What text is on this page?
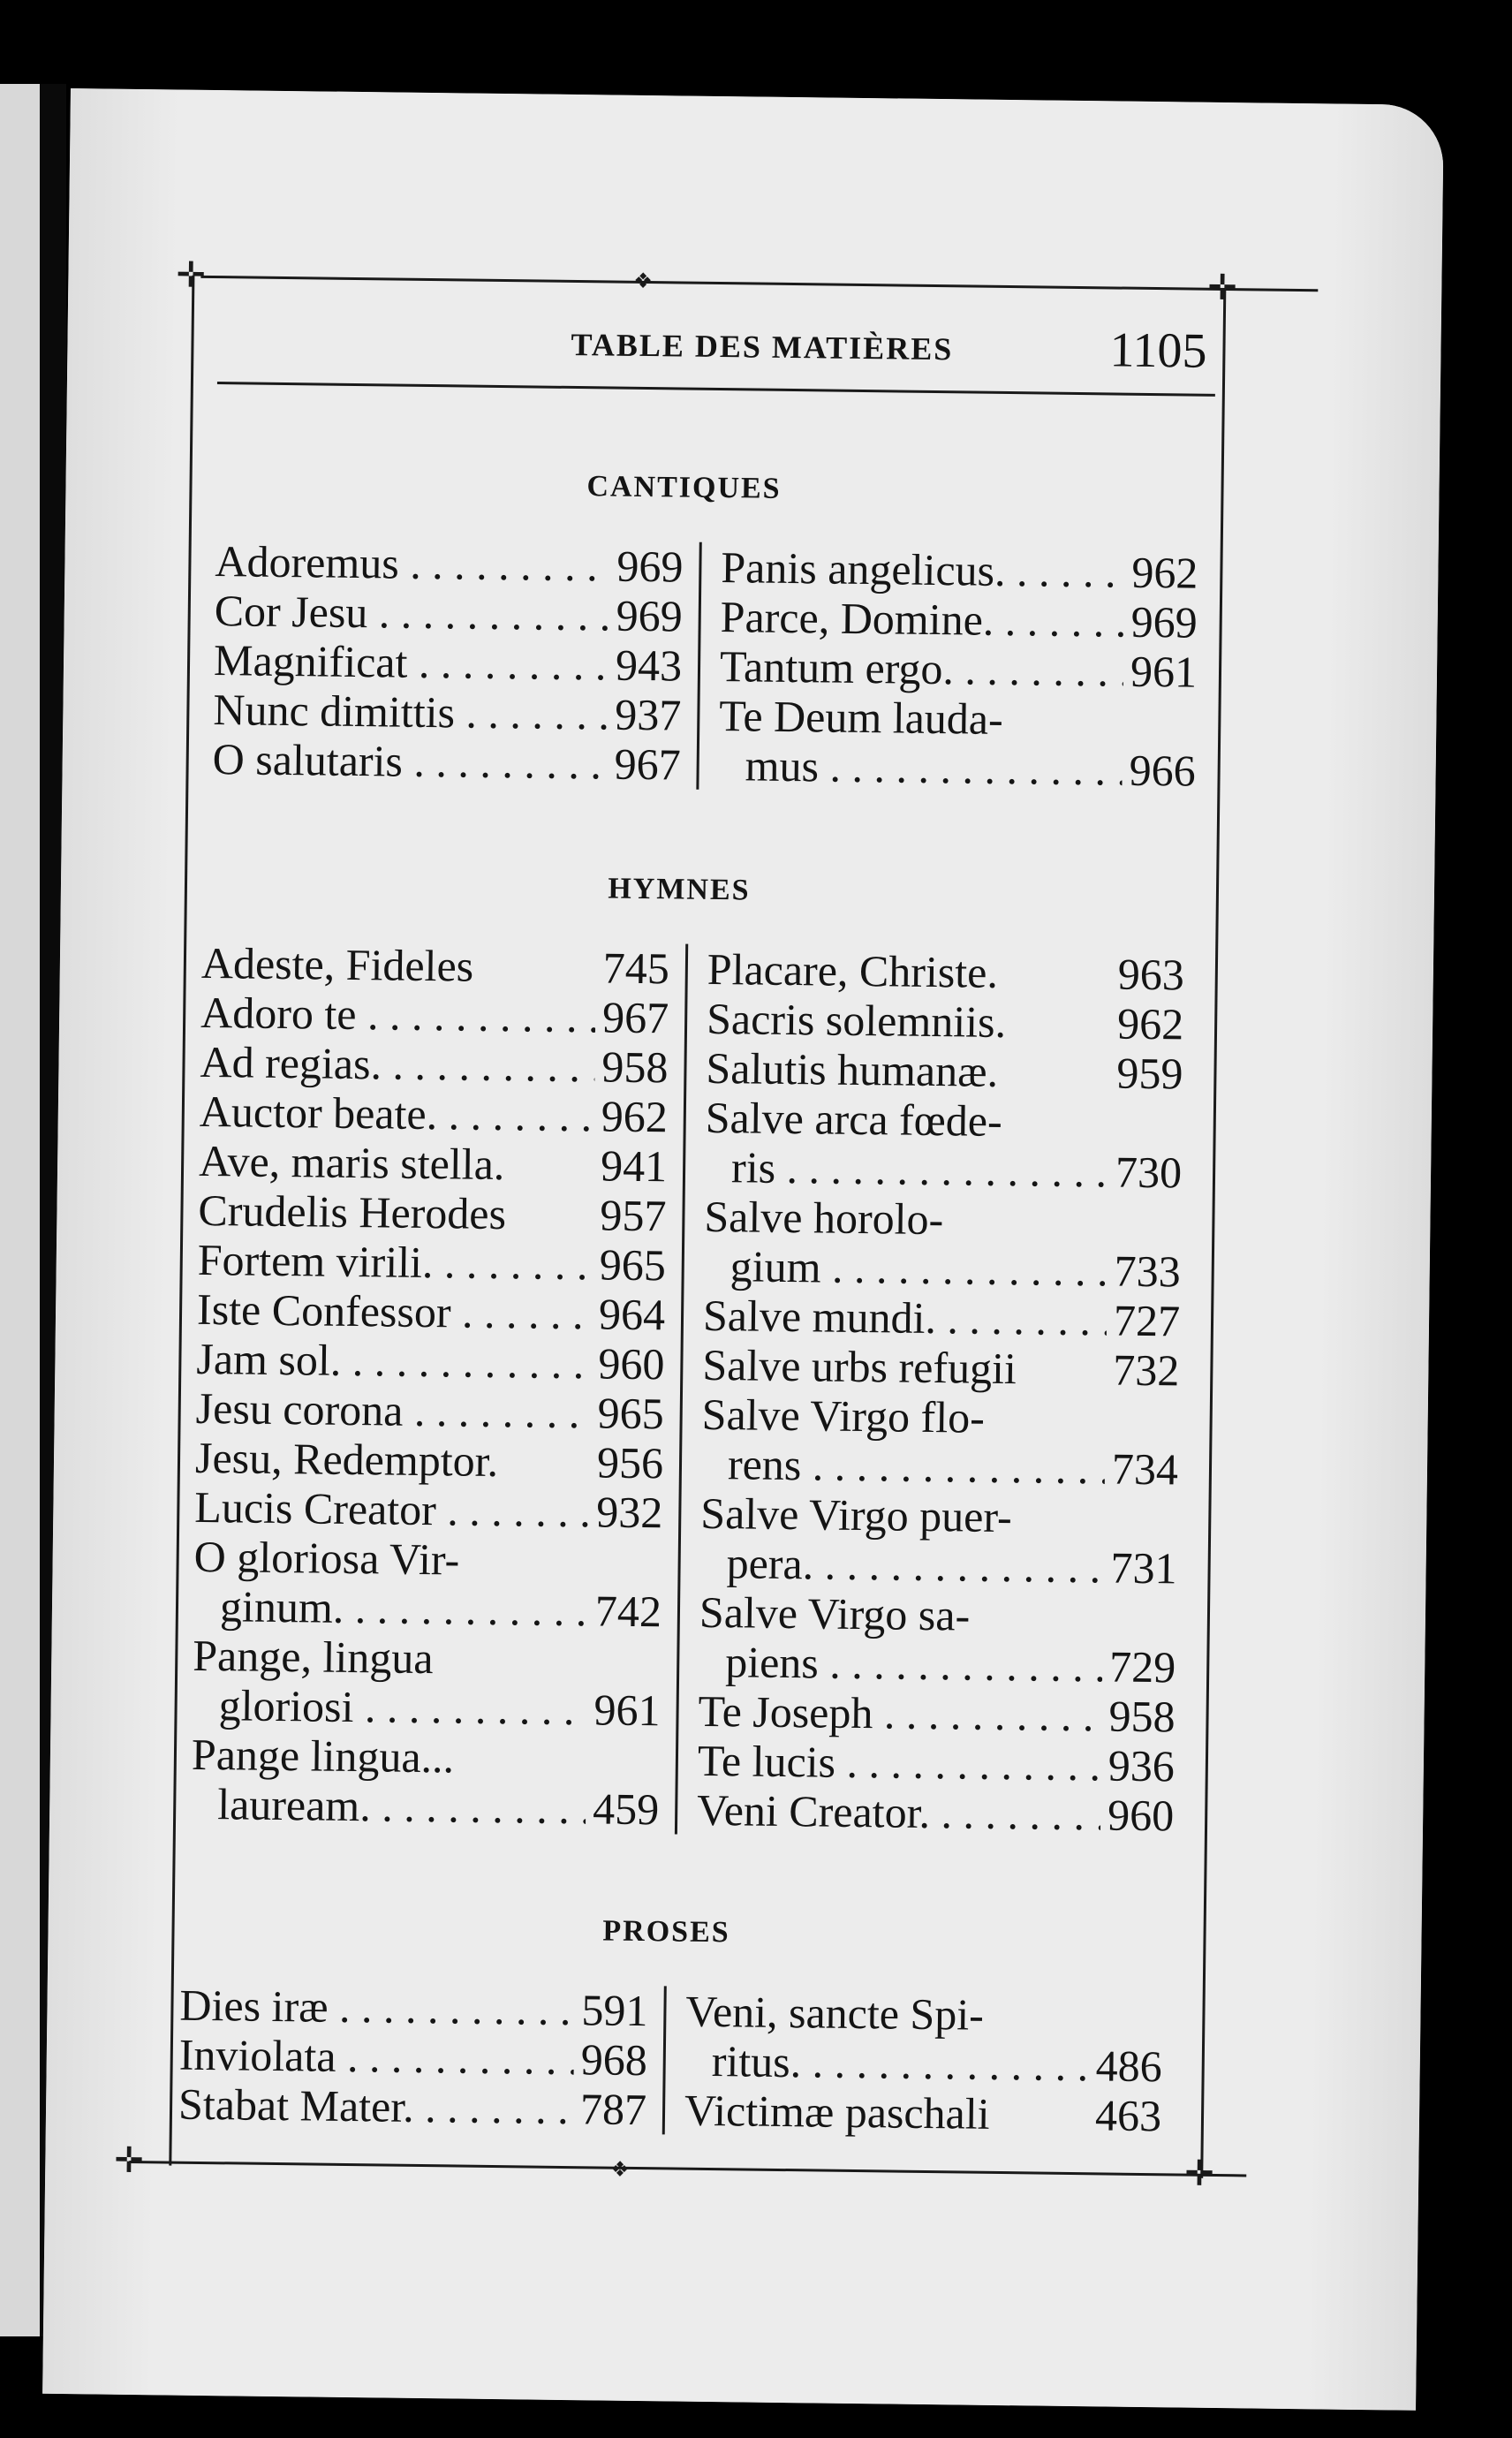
✛	✛
✛	✛
❖
❖
TABLE DES MATIÈRES	1105
CANTIQUES
Adoremus . . .	969
Cor Jesu . . .	969
Magnificat . . .	943
Nunc dimittis . . .	937
O salutaris . . .	967
Panis angelicus. . . .	962
Parce, Domine. . . .	969
Tantum ergo. . . .	961
Te Deum lauda-
mus . . .	966
HYMNES
Adeste, Fideles	745
Adoro te . . .	967
Ad regias. . . .	958
Auctor beate. . . .	962
Ave, maris stella.	941
Crudelis Herodes	957
Fortem virili. . . .	965
Iste Confessor . . .	964
Jam sol. . . .	960
Jesu corona . . .	965
Jesu, Redemptor.	956
Lucis Creator . . .	932
O gloriosa Vir-
ginum. . . .	742
Pange, lingua
gloriosi . . .	961
Pange lingua...
lauream. . . .	459
Placare, Christe.	963
Sacris solemniis.	962
Salutis humanæ.	959
Salve arca fœde-
ris . . .	730
Salve horolo-
gium . . .	733
Salve mundi. . . .	727
Salve urbs refugii	732
Salve Virgo flo-
rens . . .	734
Salve Virgo puer-
pera. . . .	731
Salve Virgo sa-
piens . . .	729
Te Joseph . . .	958
Te lucis . . .	936
Veni Creator. . . .	960
PROSES
Dies iræ . . .	591
Inviolata . . .	968
Stabat Mater. . . .	787
Veni, sancte Spi-
ritus. . . .	486
Victimæ paschali	463
